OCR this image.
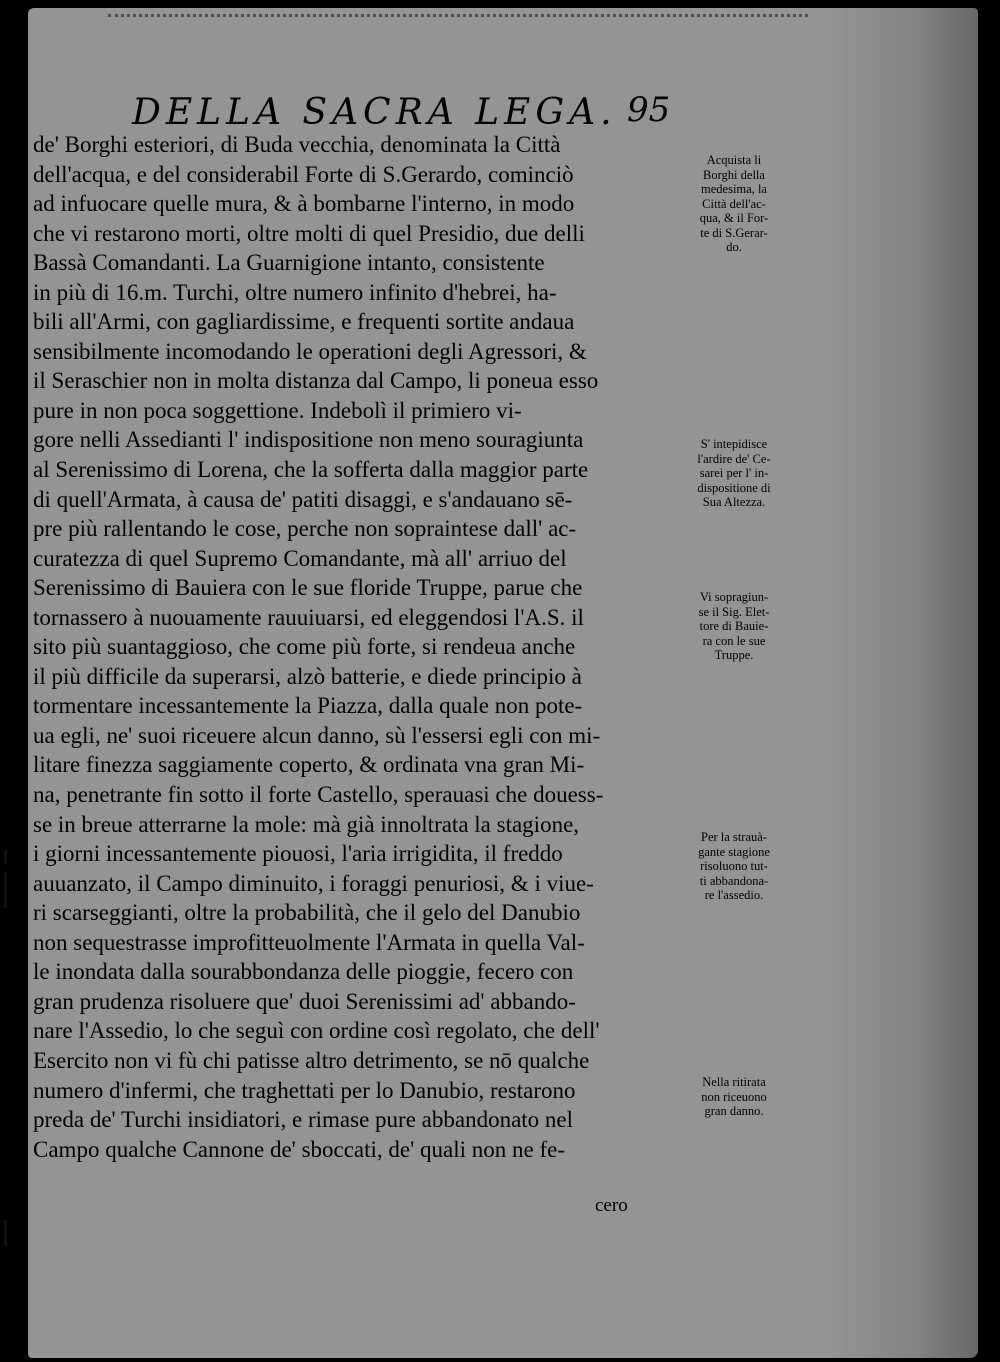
DELLA SACRA LEGA. 95
de' Borghi esteriori, di Buda vecchia, denominata la Città
dell'acqua, e del considerabil Forte di S.Gerardo, cominciò
ad infuocare quelle mura, & à bombarne l'interno, in modo
che vi restarono morti, oltre molti di quel Presidio, due delli
Bassà Comandanti. La Guarnigione intanto, consistente
in più di 16.m. Turchi, oltre numero infinito d'hebrei, ha-
bili all'Armi, con gagliardissime, e frequenti sortite andaua
sensibilmente incomodando le operationi degli Agressori, &
il Seraschier non in molta distanza dal Campo, li poneua esso
pure in non poca soggettione. Indebolì il primiero vi-
gore nelli Assedianti l' indispositione non meno souragiunta
al Serenissimo di Lorena, che la sofferta dalla maggior parte
di quell'Armata, à causa de' patiti disaggi, e s'andauano sē-
pre più rallentando le cose, perche non sopraintese dall' ac-
curatezza di quel Supremo Comandante, mà all' arriuo del
Serenissimo di Bauiera con le sue floride Truppe, parue che
tornassero à nuouamente rauuiuarsi, ed eleggendosi l'A.S. il
sito più suantaggioso, che come più forte, si rendeua anche
il più difficile da superarsi, alzò batterie, e diede principio à
tormentare incessantemente la Piazza, dalla quale non pote-
ua egli, ne' suoi riceuere alcun danno, sù l'essersi egli con mi-
litare finezza saggiamente coperto, & ordinata vna gran Mi-
na, penetrante fin sotto il forte Castello, sperauasi che douess-
se in breue atterrarne la mole: mà già innoltrata la stagione,
i giorni incessantemente piouosi, l'aria irrigidita, il freddo
auuanzato, il Campo diminuito, i foraggi penuriosi, & i viue-
ri scarseggianti, oltre la probabilità, che il gelo del Danubio
non sequestrasse improfitteuolmente l'Armata in quella Val-
le inondata dalla sourabbondanza delle pioggie, fecero con
gran prudenza risoluere que' duoi Serenissimi ad' abbando-
nare l'Assedio, lo che seguì con ordine così regolato, che dell'
Esercito non vi fù chi patisse altro detrimento, se nō qualche
numero d'infermi, che traghettati per lo Danubio, restarono
preda de' Turchi insidiatori, e rimase pure abbandonato nel
Campo qualche Cannone de' sboccati, de' quali non ne fe-
cero
Acquista li
Borghi della
medesima, la
Città dell'ac-
qua, & il For-
te di S.Gerar-
do.
S' intepidisce
l'ardire de' Ce-
sarei per l' in-
dispositione di
Sua Altezza.
Vi sopragiun-
se il Sig. Elet-
tore di Bauie-
ra con le sue
Truppe.
Per la strauà-
gante stagione
risoluono tut-
ti abbandona-
re l'assedio.
Nella ritirata
non riceuono
gran danno.
